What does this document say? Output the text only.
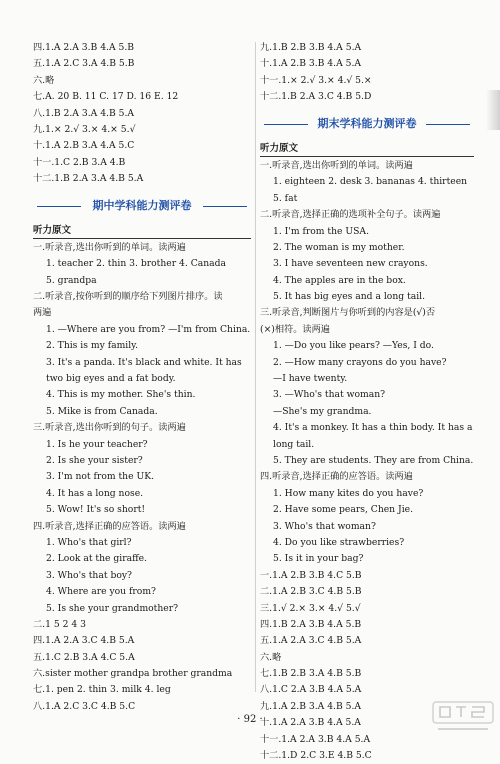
四.1.A 2.A 3.B 4.A 5.B
五.1.A 2.C 3.A 4.B 5.B
六.略
七.A. 20 B. 11 C. 17 D. 16 E. 12
八.1.B 2.A 3.A 4.B 5.A
九.1.× 2.√ 3.× 4.× 5.√
十.1.A 2.B 3.A 4.A 5.C
十一.1.C 2.B 3.A 4.B
十二.1.B 2.A 3.A 4.B 5.A
期中学科能力测评卷
听力原文
一.听录音,选出你听到的单词。读两遍
1. teacher 2. thin 3. brother 4. Canada
5. grandpa
二.听录音,按你听到的顺序给下列图片排序。读
两遍
1. —Where are you from? —I'm from China.
2. This is my family.
3. It's a panda. It's black and white. It has
two big eyes and a fat body.
4. This is my mother. She's thin.
5. Mike is from Canada.
三.听录音,选出你听到的句子。读两遍
1. Is he your teacher?
2. Is she your sister?
3. I'm not from the UK.
4. It has a long nose.
5. Wow! It's so short!
四.听录音,选择正确的应答语。读两遍
1. Who's that girl?
2. Look at the giraffe.
3. Who's that boy?
4. Where are you from?
5. Is she your grandmother?
二.1 5 2 4 3
四.1.A 2.A 3.C 4.B 5.A
五.1.C 2.B 3.A 4.C 5.A
六.sister mother grandpa brother grandma
七.1. pen 2. thin 3. milk 4. leg
八.1.A 2.C 3.C 4.B 5.C
九.1.B 2.B 3.B 4.A 5.A
十.1.A 2.B 3.B 4.A 5.A
十一.1.× 2.√ 3.× 4.√ 5.×
十二.1.B 2.A 3.C 4.B 5.D
期末学科能力测评卷
听力原文
一.听录音,选出你听到的单词。读两遍
1. eighteen 2. desk 3. bananas 4. thirteen
5. fat
二.听录音,选择正确的选项补全句子。读两遍
1. I'm from the USA.
2. The woman is my mother.
3. I have seventeen new crayons.
4. The apples are in the box.
5. It has big eyes and a long tail.
三.听录音,判断图片与你听到的内容是(√)否
(×)相符。读两遍
1. —Do you like pears? —Yes, I do.
2. —How many crayons do you have?
—I have twenty.
3. —Who's that woman?
—She's my grandma.
4. It's a monkey. It has a thin body. It has a
long tail.
5. They are students. They are from China.
四.听录音,选择正确的应答语。读两遍
1. How many kites do you have?
2. Have some pears, Chen Jie.
3. Who's that woman?
4. Do you like strawberries?
5. Is it in your bag?
一.1.A 2.B 3.B 4.C 5.B
二.1.A 2.B 3.C 4.B 5.B
三.1.√ 2.× 3.× 4.√ 5.√
四.1.B 2.A 3.B 4.A 5.B
五.1.A 2.A 3.C 4.B 5.A
六.略
七.1.B 2.B 3.A 4.B 5.B
八.1.C 2.A 3.B 4.A 5.A
九.1.A 2.B 3.A 4.B 5.A
十.1.A 2.A 3.B 4.A 5.A
十一.1.A 2.A 3.B 4.A 5.A
十二.1.D 2.C 3.E 4.B 5.C
· 92 ·
